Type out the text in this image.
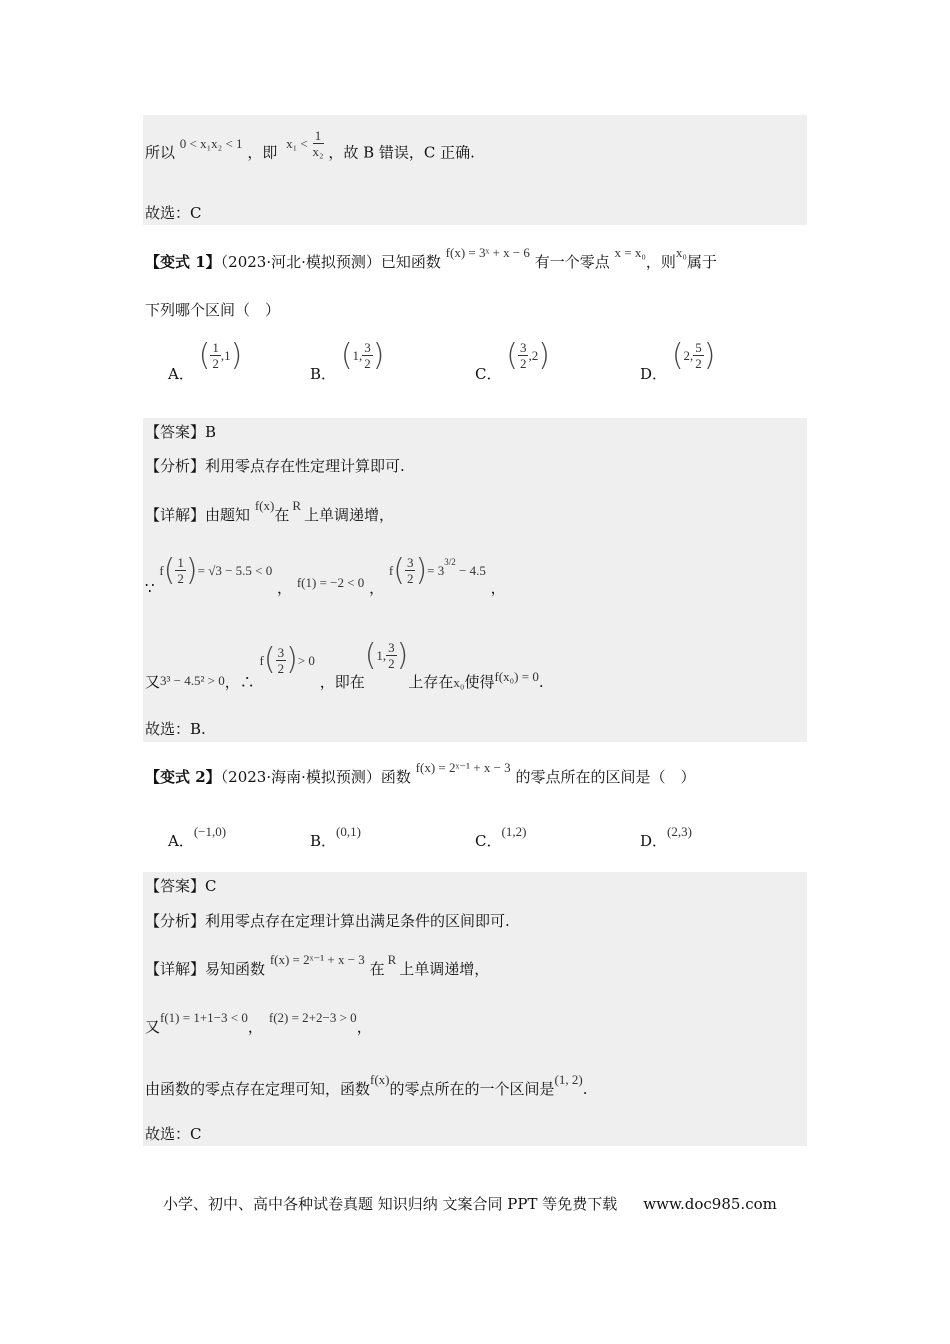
所以 0 < x₁x₂ < 1 ，即 $x_1 < \frac{1}{\text{x₂}}$ ，故 B 错误，C 正确.
故选：C
【变式 1】（2023·河北·模拟预测）已知函数 f(x) = 3ˣ + x − 6 有一个零点 x = x₀，则x₀属于
下列哪个区间（　）
A．
( $\frac{1}{2}$ , 1 )
B．
( 1 , $\frac{3}{2}$ )
C．
( $\frac{3}{2}$ , 2 )
D．
( 2 , $\frac{5}{2}$ )
【答案】B
【分析】利用零点存在性定理计算即可.
【详解】由题知 f(x)在R上单调递增，
∵ f ( 1
2 ) = √3 − 5.5 < 0
， f(1) = −2 < 0 ， f ( 3
2 ) = 3
$^{3/2}$

− 4.5
，
又3³ − 4.5² > 0，∴ f ( 3
2 ) > 0
，即在
( 1,
3
2 )
上存在x₀使得f(x₀) = 0.
故选：B.
【变式 2】（2023·海南·模拟预测）函数 f(x) = 2ˣ⁻¹ + x − 3 的零点所在的区间是（　）
A．(−1,0)
B．(0,1)
C．(1,2)
D．(2,3)
【答案】C
【分析】利用零点存在定理计算出满足条件的区间即可.
【详解】易知函数 f(x) = 2ˣ⁻¹ + x − 3 在R上单调递增，
又f(1) = 1+1−3 < 0，f(2) = 2+2−3 > 0，
由函数的零点存在定理可知，函数f(x)的零点所在的一个区间是(1, 2).
故选：C
小学、初中、高中各种试卷真题 知识归纳 文案合同 PPT 等免费下载 www.doc985.com
